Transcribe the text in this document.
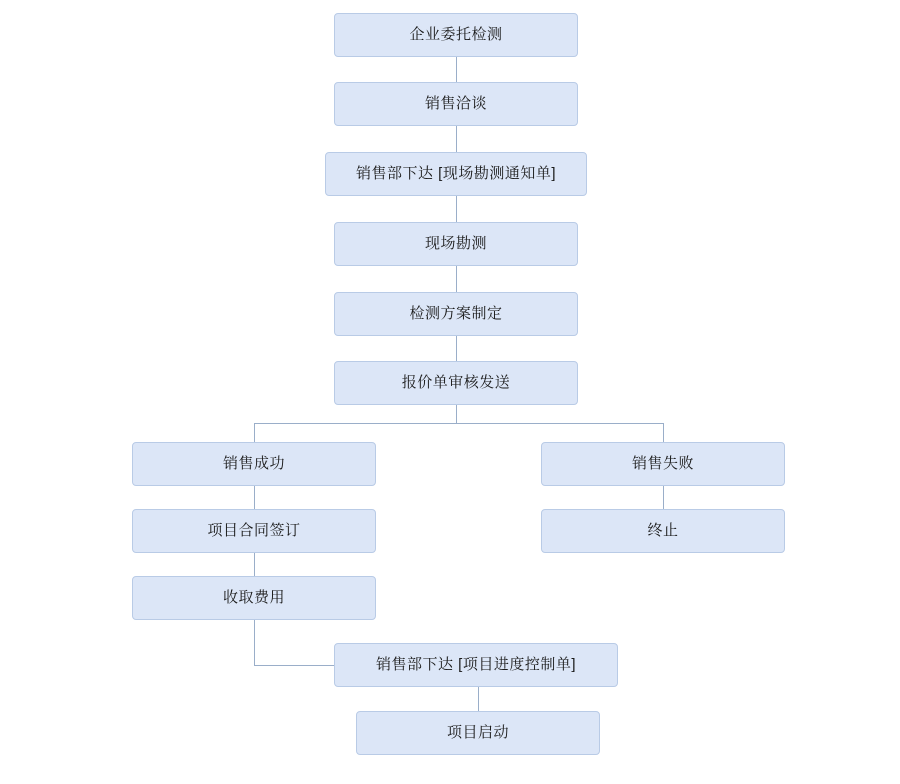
企业委托检测
销售洽谈
销售部下达 [现场勘测通知单]
现场勘测
检测方案制定
报价单审核发送
销售成功	销售失败
项目合同签订	终止
收取费用
销售部下达 [项目进度控制单]
项目启动
